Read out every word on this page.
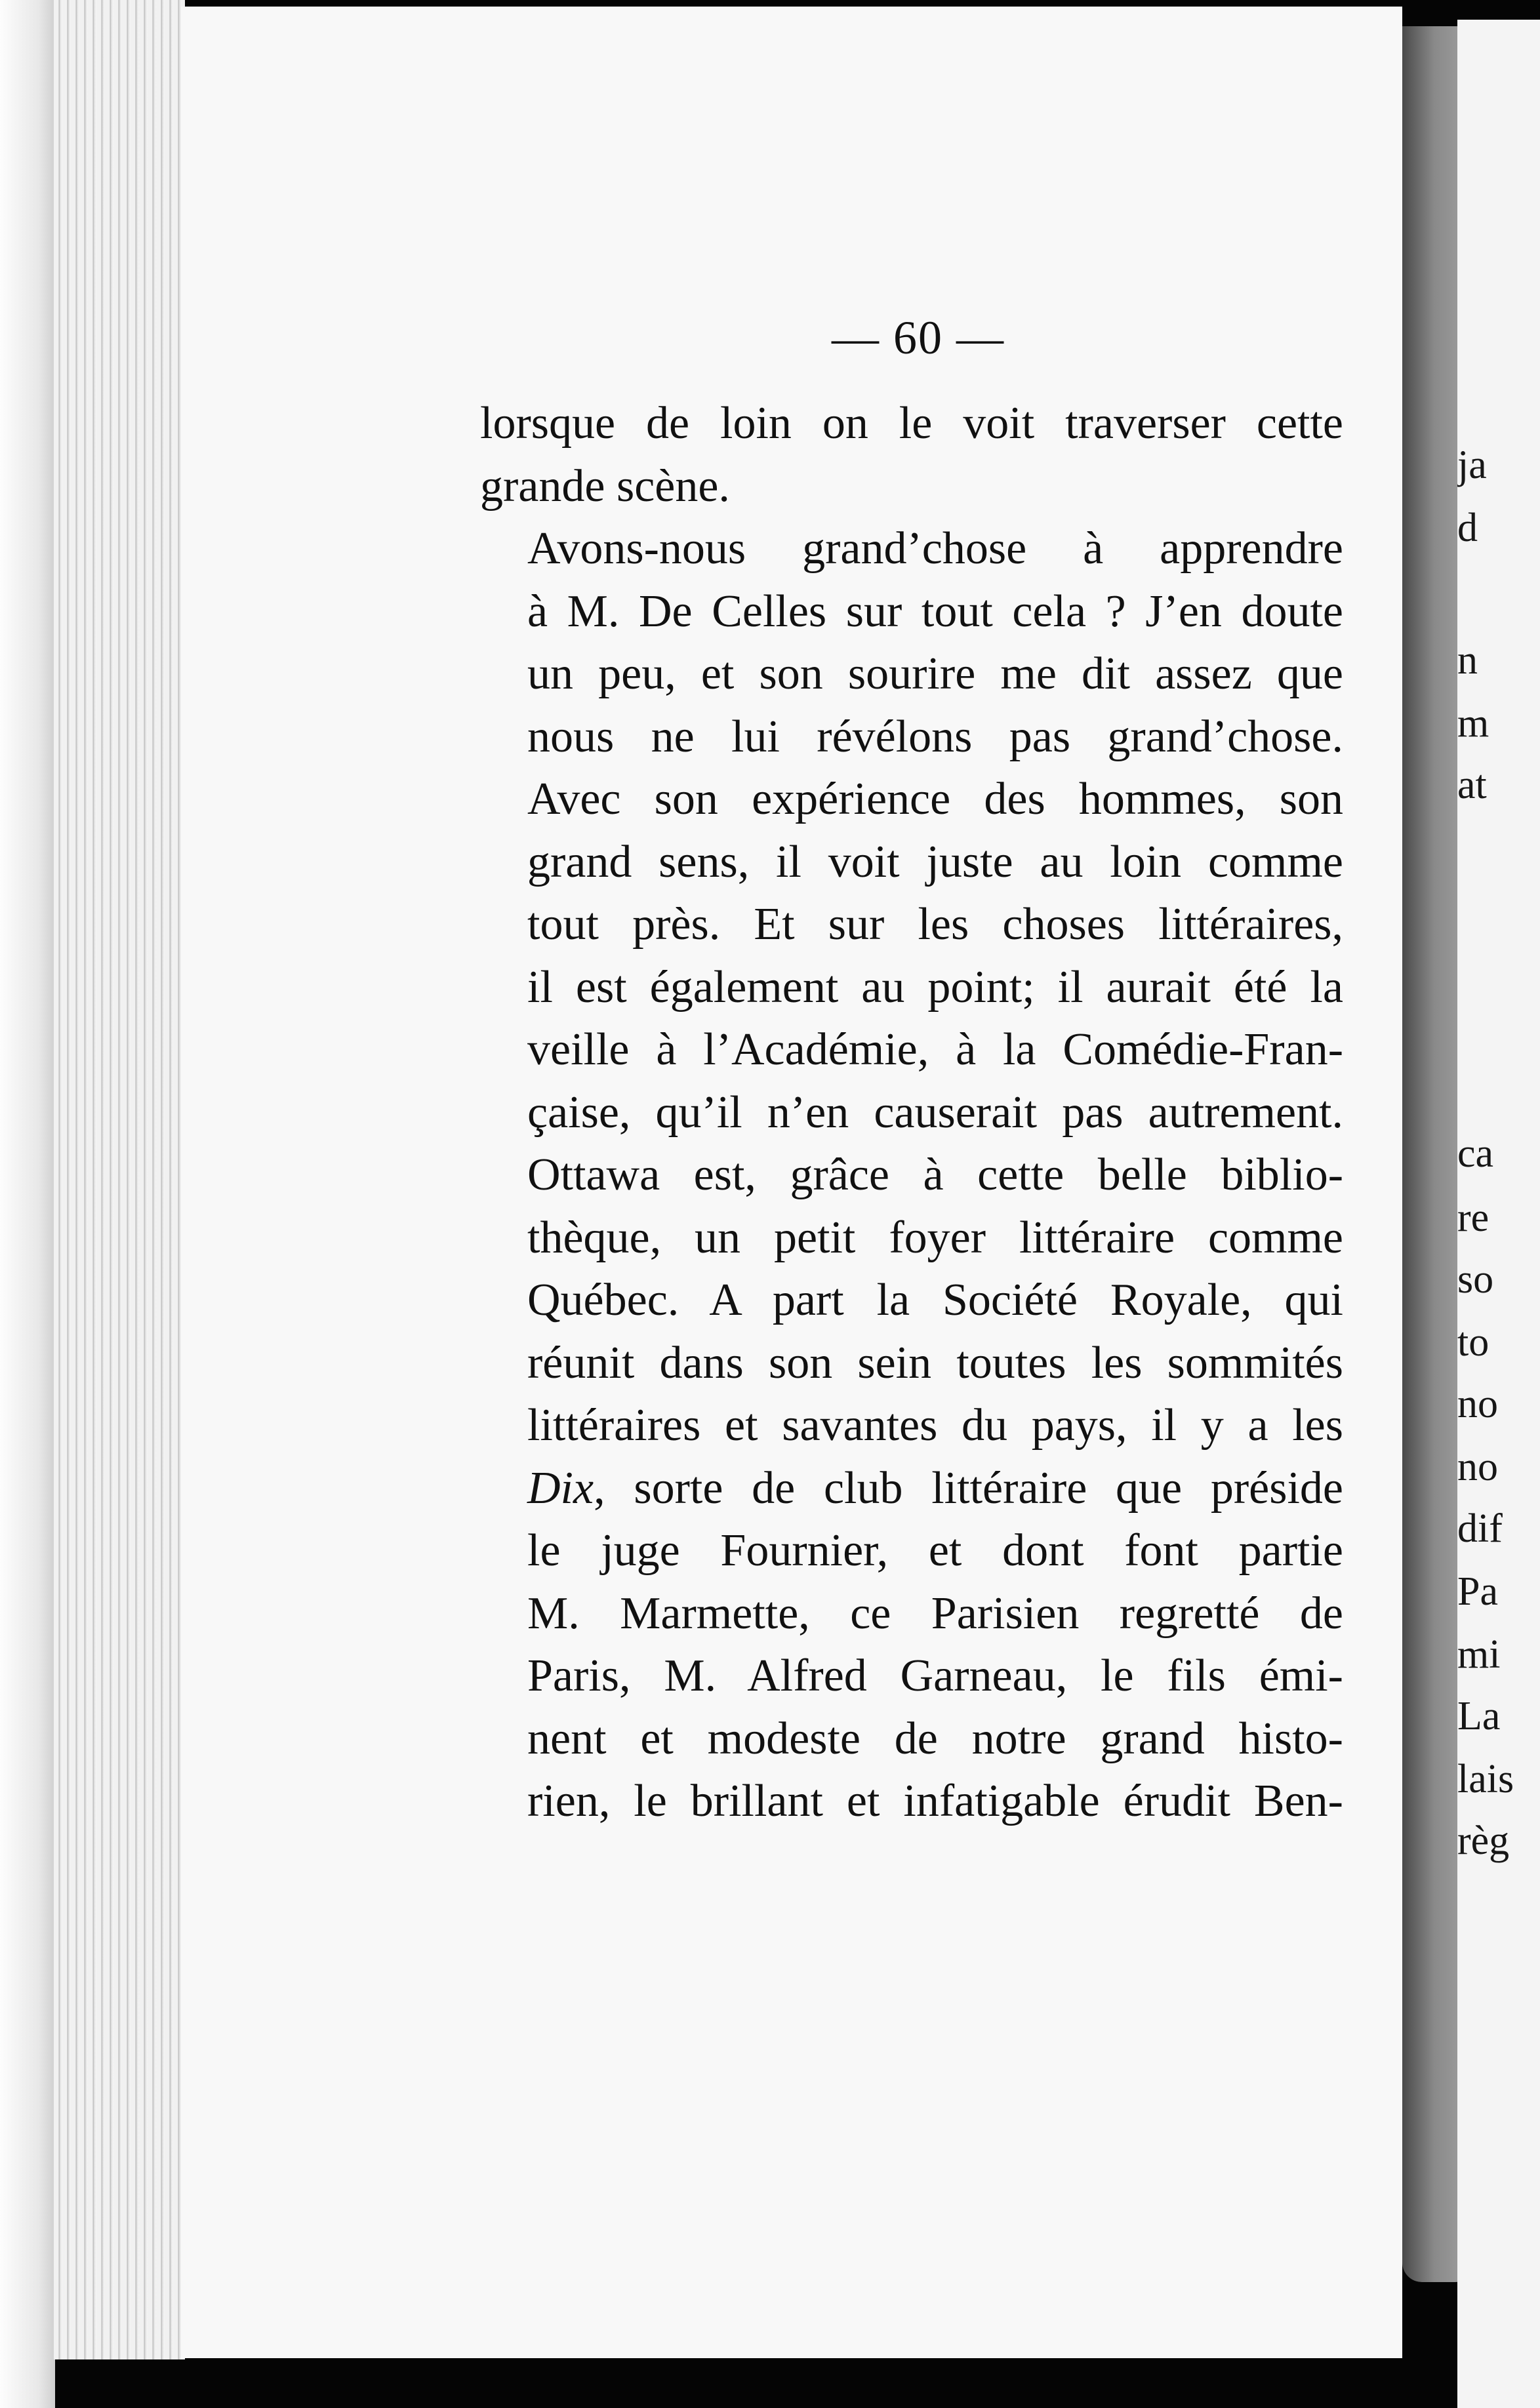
ja
d
n
m
at
ca
re
so
to
no
no
dif
Pa
mi
La
lais
règ
— 60 —

lorsque de loin on le voit traverser cette
grande scène.

Avons-nous grand’chose à apprendre
à M. De Celles sur tout cela ? J’en doute
un peu, et son sourire me dit assez que
nous ne lui révélons pas grand’chose.
Avec son expérience des hommes, son
grand sens, il voit juste au loin comme
tout près. Et sur les choses littéraires,
il est également au point; il aurait été la
veille à l’Académie, à la Comédie-Fran-
çaise, qu’il n’en causerait pas autrement.

Ottawa est, grâce à cette belle biblio-
thèque, un petit foyer littéraire comme
Québec. A part la Société Royale, qui
réunit dans son sein toutes les sommités
littéraires et savantes du pays, il y a les
Dix, sorte de club littéraire que préside
le juge Fournier, et dont font partie
M. Marmette, ce Parisien regretté de
Paris, M. Alfred Garneau, le fils émi-
nent et modeste de notre grand histo-
rien, le brillant et infatigable érudit Ben-
